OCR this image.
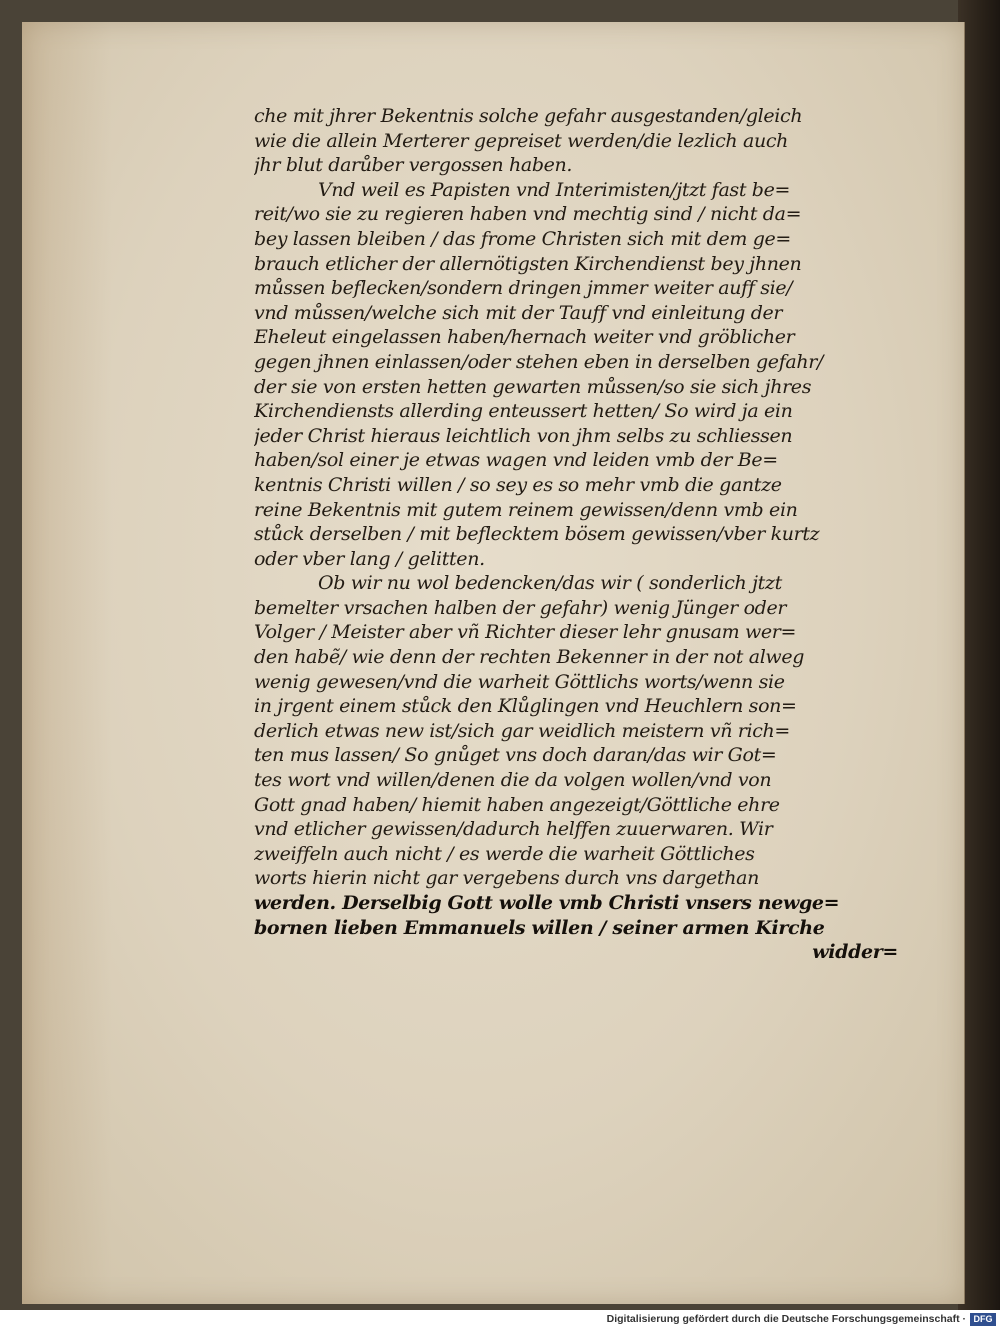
che mit jhrer Bekentnis solche gefahr ausgestanden/gleich
wie die allein Merterer gepreiset werden/die lezlich auch
jhr blut darůber vergossen haben.
Vnd weil es Papisten vnd Interimisten/jtzt fast be=
reit/wo sie zu regieren haben vnd mechtig sind / nicht da=
bey lassen bleiben / das frome Christen sich mit dem ge=
brauch etlicher der allernötigsten Kirchendienst bey jhnen
můssen beflecken/sondern dringen jmmer weiter auff sie/
vnd můssen/welche sich mit der Tauff vnd einleitung der
Eheleut eingelassen haben/hernach weiter vnd gröblicher
gegen jhnen einlassen/oder stehen eben in derselben gefahr/
der sie von ersten hetten gewarten můssen/so sie sich jhres
Kirchendiensts allerding enteussert hetten/ So wird ja ein
jeder Christ hieraus leichtlich von jhm selbs zu schliessen
haben/sol einer je etwas wagen vnd leiden vmb der Be=
kentnis Christi willen / so sey es so mehr vmb die gantze
reine Bekentnis mit gutem reinem gewissen/denn vmb ein
stůck derselben / mit beflecktem bösem gewissen/vber kurtz
oder vber lang / gelitten.
Ob wir nu wol bedencken/das wir ( sonderlich jtzt
bemelter vrsachen halben der gefahr) wenig Jünger oder
Volger / Meister aber vñ Richter dieser lehr gnusam wer=
den habẽ/ wie denn der rechten Bekenner in der not alweg
wenig gewesen/vnd die warheit Göttlichs worts/wenn sie
in jrgent einem stůck den Klůglingen vnd Heuchlern son=
derlich etwas new ist/sich gar weidlich meistern vñ rich=
ten mus lassen/ So gnůget vns doch daran/das wir Got=
tes wort vnd willen/denen die da volgen wollen/vnd von
Gott gnad haben/ hiemit haben angezeigt/Göttliche ehre
vnd etlicher gewissen/dadurch helffen zuuerwaren. Wir
zweiffeln auch nicht / es werde die warheit Göttliches
worts hierin nicht gar vergebens durch vns dargethan
werden. Derselbig Gott wolle vmb Christi vnsers newge=
bornen lieben Emmanuels willen / seiner armen Kirche
widder=
Digitalisierung gefördert durch die Deutsche Forschungsgemeinschaft · DFG
